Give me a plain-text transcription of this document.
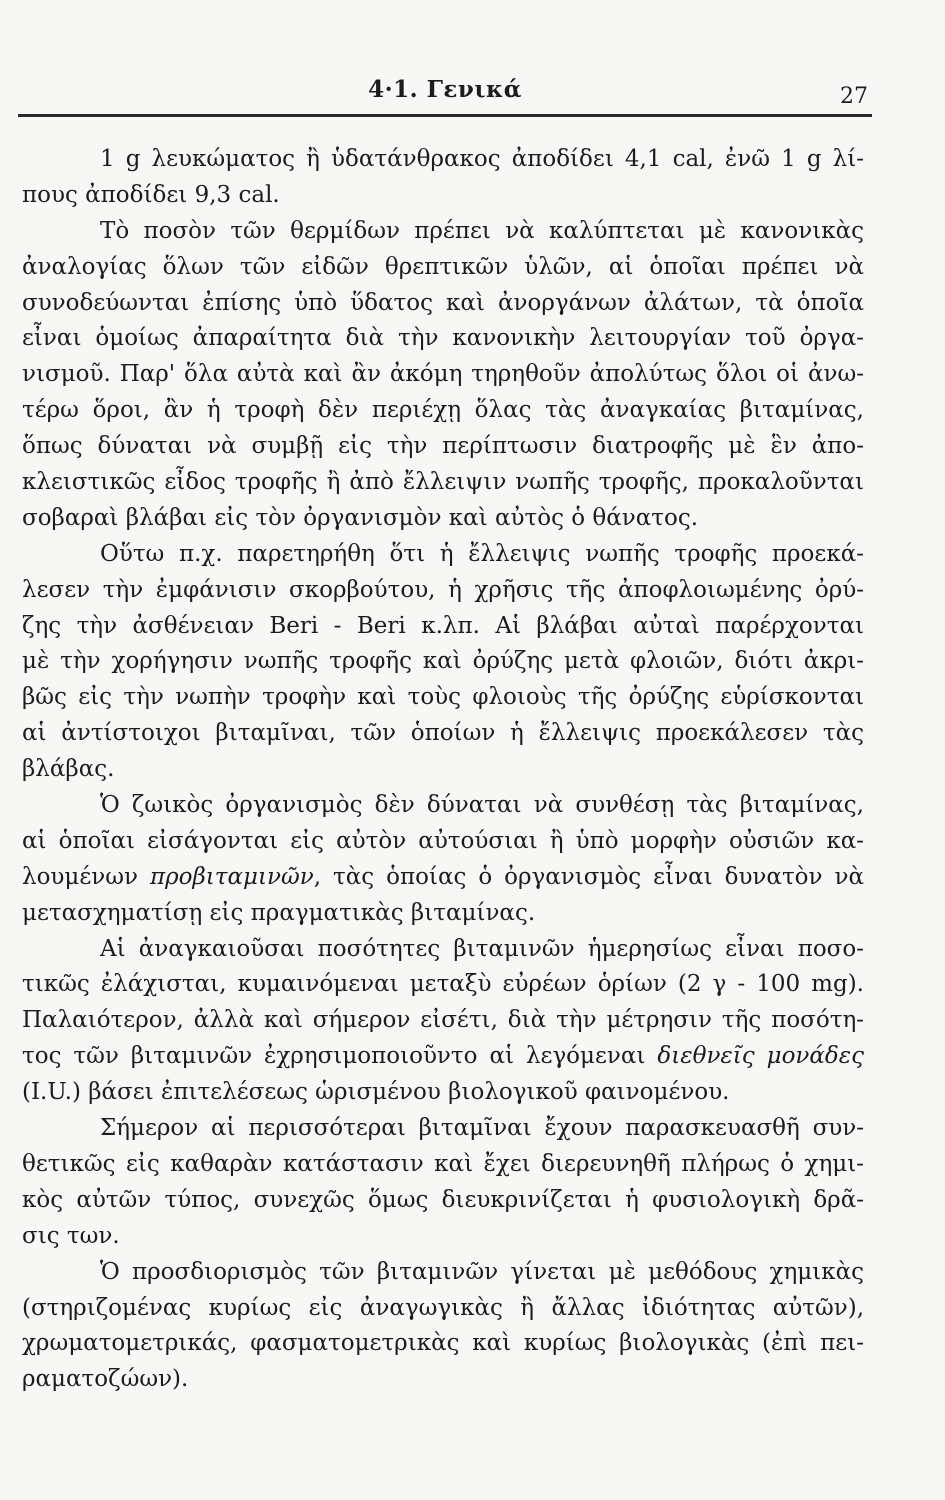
4·1. Γενικά	27
1 g λευκώματος ἢ ὑδατάνθρακος ἀποδίδει 4,1 cal, ἐνῶ 1 g λί-
πους ἀποδίδει 9,3 cal.
Τὸ ποσὸν τῶν θερμίδων πρέπει νὰ καλύπτεται μὲ κανονικὰς
ἀναλογίας ὅλων τῶν εἰδῶν θρεπτικῶν ὑλῶν, αἱ ὁποῖαι πρέπει νὰ
συνοδεύωνται ἐπίσης ὑπὸ ὕδατος καὶ ἀνοργάνων ἀλάτων, τὰ ὁποῖα
εἶναι ὁμοίως ἀπαραίτητα διὰ τὴν κανονικὴν λειτουργίαν τοῦ ὀργα-
νισμοῦ. Παρ' ὅλα αὐτὰ καὶ ἂν ἀκόμη τηρηθοῦν ἀπολύτως ὅλοι οἱ ἀνω-
τέρω ὅροι, ἂν ἡ τροφὴ δὲν περιέχῃ ὅλας τὰς ἀναγκαίας βιταμίνας,
ὅπως δύναται νὰ συμβῇ εἰς τὴν περίπτωσιν διατροφῆς μὲ ἓν ἀπο-
κλειστικῶς εἶδος τροφῆς ἢ ἀπὸ ἔλλειψιν νωπῆς τροφῆς, προκαλοῦνται
σοβαραὶ βλάβαι εἰς τὸν ὀργανισμὸν καὶ αὐτὸς ὁ θάνατος.
Οὕτω π.χ. παρετηρήθη ὅτι ἡ ἔλλειψις νωπῆς τροφῆς προεκά-
λεσεν τὴν ἐμφάνισιν σκορβούτου, ἡ χρῆσις τῆς ἀποφλοιωμένης ὀρύ-
ζης τὴν ἀσθένειαν Beri - Beri κ.λπ. Αἱ βλάβαι αὐταὶ παρέρχονται
μὲ τὴν χορήγησιν νωπῆς τροφῆς καὶ ὀρύζης μετὰ φλοιῶν, διότι ἀκρι-
βῶς εἰς τὴν νωπὴν τροφὴν καὶ τοὺς φλοιοὺς τῆς ὀρύζης εὑρίσκονται
αἱ ἀντίστοιχοι βιταμῖναι, τῶν ὁποίων ἡ ἔλλειψις προεκάλεσεν τὰς
βλάβας.
Ὁ ζωικὸς ὀργανισμὸς δὲν δύναται νὰ συνθέσῃ τὰς βιταμίνας,
αἱ ὁποῖαι εἰσάγονται εἰς αὐτὸν αὐτούσιαι ἢ ὑπὸ μορφὴν οὐσιῶν κα-
λουμένων προβιταμινῶν, τὰς ὁποίας ὁ ὀργανισμὸς εἶναι δυνατὸν νὰ
μετασχηματίσῃ εἰς πραγματικὰς βιταμίνας.
Αἱ ἀναγκαιοῦσαι ποσότητες βιταμινῶν ἡμερησίως εἶναι ποσο-
τικῶς ἐλάχισται, κυμαινόμεναι μεταξὺ εὐρέων ὁρίων (2 γ - 100 mg).
Παλαιότερον, ἀλλὰ καὶ σήμερον εἰσέτι, διὰ τὴν μέτρησιν τῆς ποσότη-
τος τῶν βιταμινῶν ἐχρησιμοποιοῦντο αἱ λεγόμεναι διεθνεῖς μονάδες
(I.U.) βάσει ἐπιτελέσεως ὡρισμένου βιολογικοῦ φαινομένου.
Σήμερον αἱ περισσότεραι βιταμῖναι ἔχουν παρασκευασθῆ συν-
θετικῶς εἰς καθαρὰν κατάστασιν καὶ ἔχει διερευνηθῆ πλήρως ὁ χημι-
κὸς αὐτῶν τύπος, συνεχῶς ὅμως διευκρινίζεται ἡ φυσιολογικὴ δρᾶ-
σις των.
Ὁ προσδιορισμὸς τῶν βιταμινῶν γίνεται μὲ μεθόδους χημικὰς
(στηριζομένας κυρίως εἰς ἀναγωγικὰς ἢ ἄλλας ἰδιότητας αὐτῶν),
χρωματομετρικάς, φασματομετρικὰς καὶ κυρίως βιολογικὰς (ἐπὶ πει-
ραματοζώων).
